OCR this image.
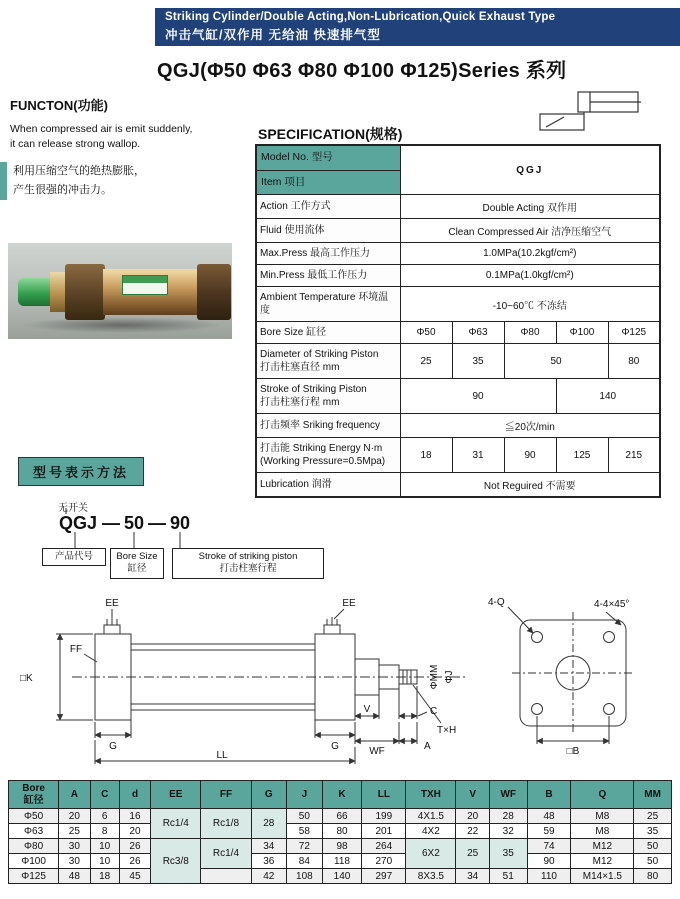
Striking Cylinder/Double Acting,Non-Lubrication,Quick Exhaust Type
冲击气缸/双作用 无给油 快速排气型
QGJ(Φ50 Φ63 Φ80 Φ100 Φ125)Series 系列
FUNCTON(功能)
When compressed air is emit suddenly,
it can release strong wallop.
利用压缩空气的绝热膨胀，
产生很强的冲击力。
SPECIFICATION(规格)
Model No. 型号
Item 项目	QGJ				
Action 工作方式	Double Acting 双作用				
Fluid 使用流体	Clean Compressed Air 洁净压缩空气				
Max.Press 最高工作压力	1.0MPa(10.2kgf/cm²)				
Min.Press 最低工作压力	0.1MPa(1.0kgf/cm²)				
Ambient Temperature 环境温度	-10~60℃ 不冻结				
Bore Size 缸径	Φ50	Φ63	Φ80	Φ100	Φ125
Diameter of Striking Piston
打击柱塞直径 mm	25	35	50		80
Stroke of Striking Piston
打击柱塞行程 mm	90			140	
打击频率 Sriking frequency	≦20次/min				
打击能 Striking Energy N·m
(Working Pressure=0.5Mpa)	18	31	90	125	215
Lubrication 润滑	Not Reguired 不需要				
型号表示方法
无开关
QGJ — 50 — 90
产品代号	Bore Size
缸径
Stroke of striking piston
打击柱塞行程
EE	EE
FF
□K
G	G
V	C
T×H
WF	A
LL
ΦMM ΦJ
4-Q	4-4×45°
□B
Bore
缸径	A	C	d	EE	FF	G	J	K	LL	TXH	V	WF	B	Q	MM
Φ50	20	6	16	Rc1/4	Rc1/8	28	50	66	199	4X1.5	20	28	48	M8	25
Φ63	25	8	20				58	80	201	4X2	22	32	59	M8	35
Φ80	30	10	26	Rc3/8	Rc1/4	34	72	98	264	6X2	25	35	74	M12	50
Φ100	30	10	26			36	84	118	270				90	M12	50
Φ125	48	18	45			42	108	140	297	8X3.5	34	51	110	M14×1.5	80
